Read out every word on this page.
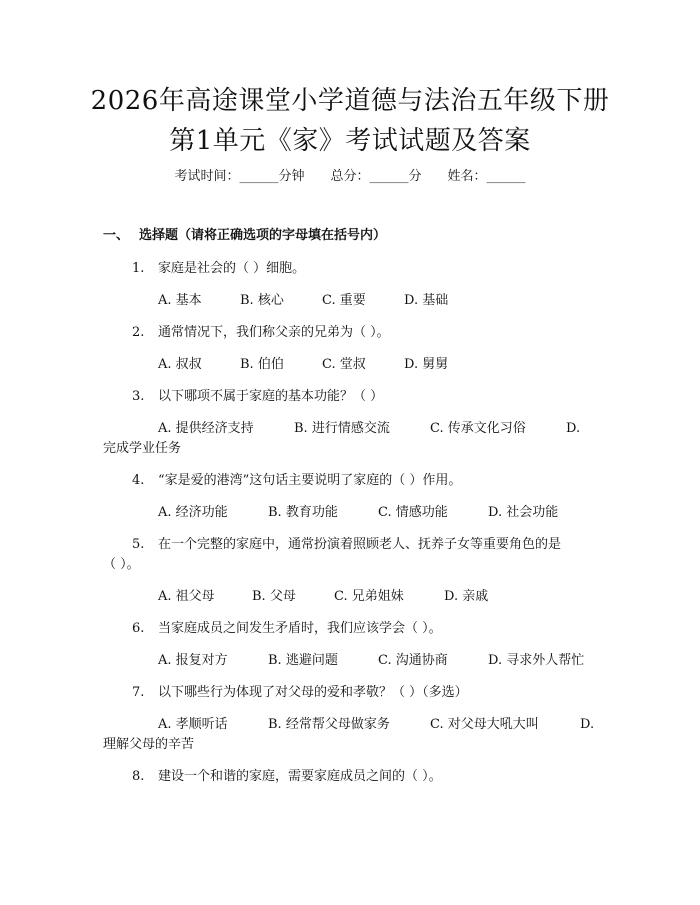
2026年高途课堂小学道德与法治五年级下册
第1单元《家》考试试题及答案
考试时间：______分钟 总分：______分 姓名：______
一、 选择题（请将正确选项的字母填在括号内）
1. 家庭是社会的（ ）细胞。
A. 基本	B. 核心	C. 重要	D. 基础
2. 通常情况下，我们称父亲的兄弟为（ ）。
A. 叔叔	B. 伯伯	C. 堂叔	D. 舅舅
3. 以下哪项不属于家庭的基本功能？（ ）
A. 提供经济支持	B. 进行情感交流	C. 传承文化习俗	D.
完成学业任务
4. “家是爱的港湾”这句话主要说明了家庭的（ ）作用。
A. 经济功能	B. 教育功能	C. 情感功能	D. 社会功能
5. 在一个完整的家庭中，通常扮演着照顾老人、抚养子女等重要角色的是
（ ）。
A. 祖父母	B. 父母	C. 兄弟姐妹	D. 亲戚
6. 当家庭成员之间发生矛盾时，我们应该学会（ ）。
A. 报复对方	B. 逃避问题	C. 沟通协商	D. 寻求外人帮忙
7. 以下哪些行为体现了对父母的爱和孝敬？（ ）（多选）
A. 孝顺听话	B. 经常帮父母做家务	C. 对父母大吼大叫	D.
理解父母的辛苦
8. 建设一个和谐的家庭，需要家庭成员之间的（ ）。
